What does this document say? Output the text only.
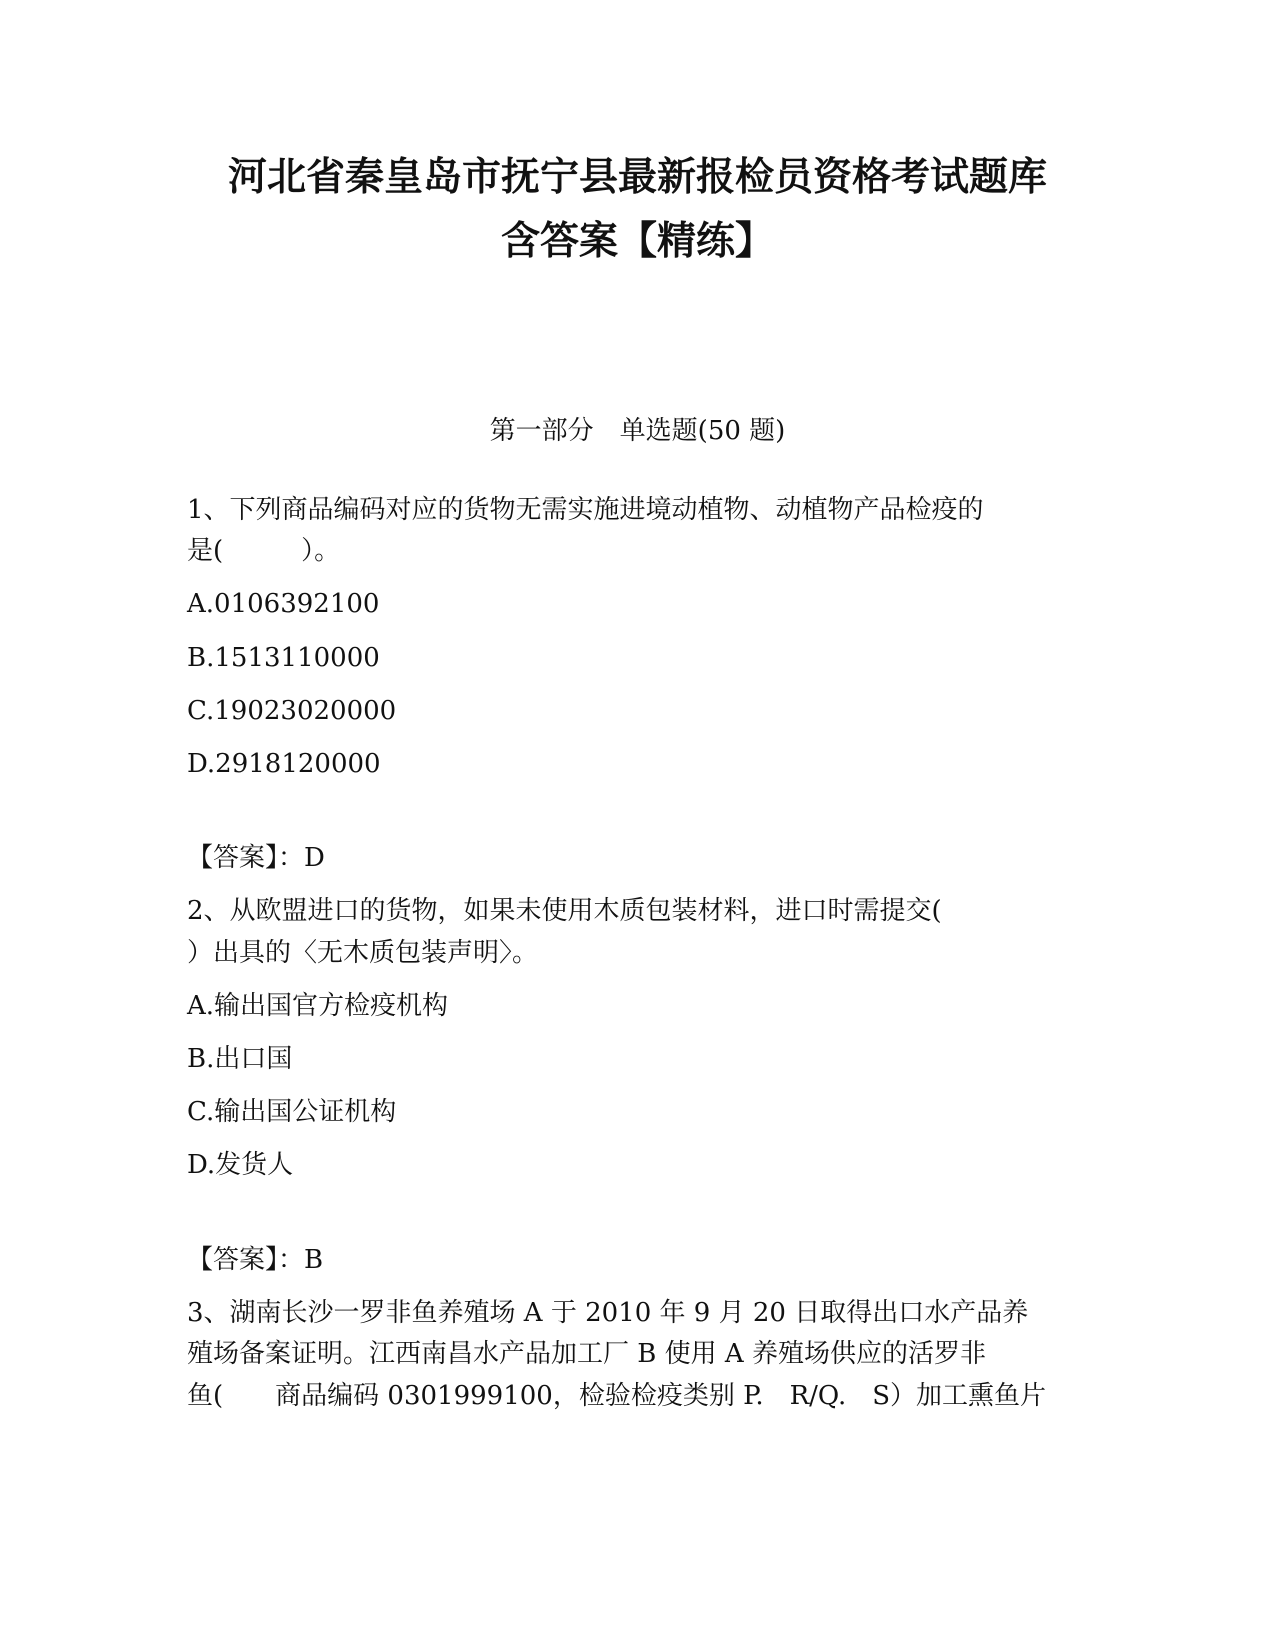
河北省秦皇岛市抚宁县最新报检员资格考试题库
含答案【精练】
第一部分　单选题(50 题)

1、下列商品编码对应的货物无需实施进境动植物、动植物产品检疫的

是(　　　）。

A.0106392100

B.1513110000

C.19023020000

D.2918120000

【答案】：D

2、从欧盟进口的货物，如果未使用木质包装材料，进口时需提交(

）出具的〈无木质包装声明〉。

A.输出国官方检疫机构

B.出口国

C.输出国公证机构

D.发货人

【答案】：B

3、湖南长沙一罗非鱼养殖场 A 于 2010 年 9 月 20 日取得出口水产品养

殖场备案证明。江西南昌水产品加工厂 B 使用 A 养殖场供应的活罗非

鱼(　　商品编码 0301999100，检验检疫类别 P.　R/Q.　S）加工熏鱼片
